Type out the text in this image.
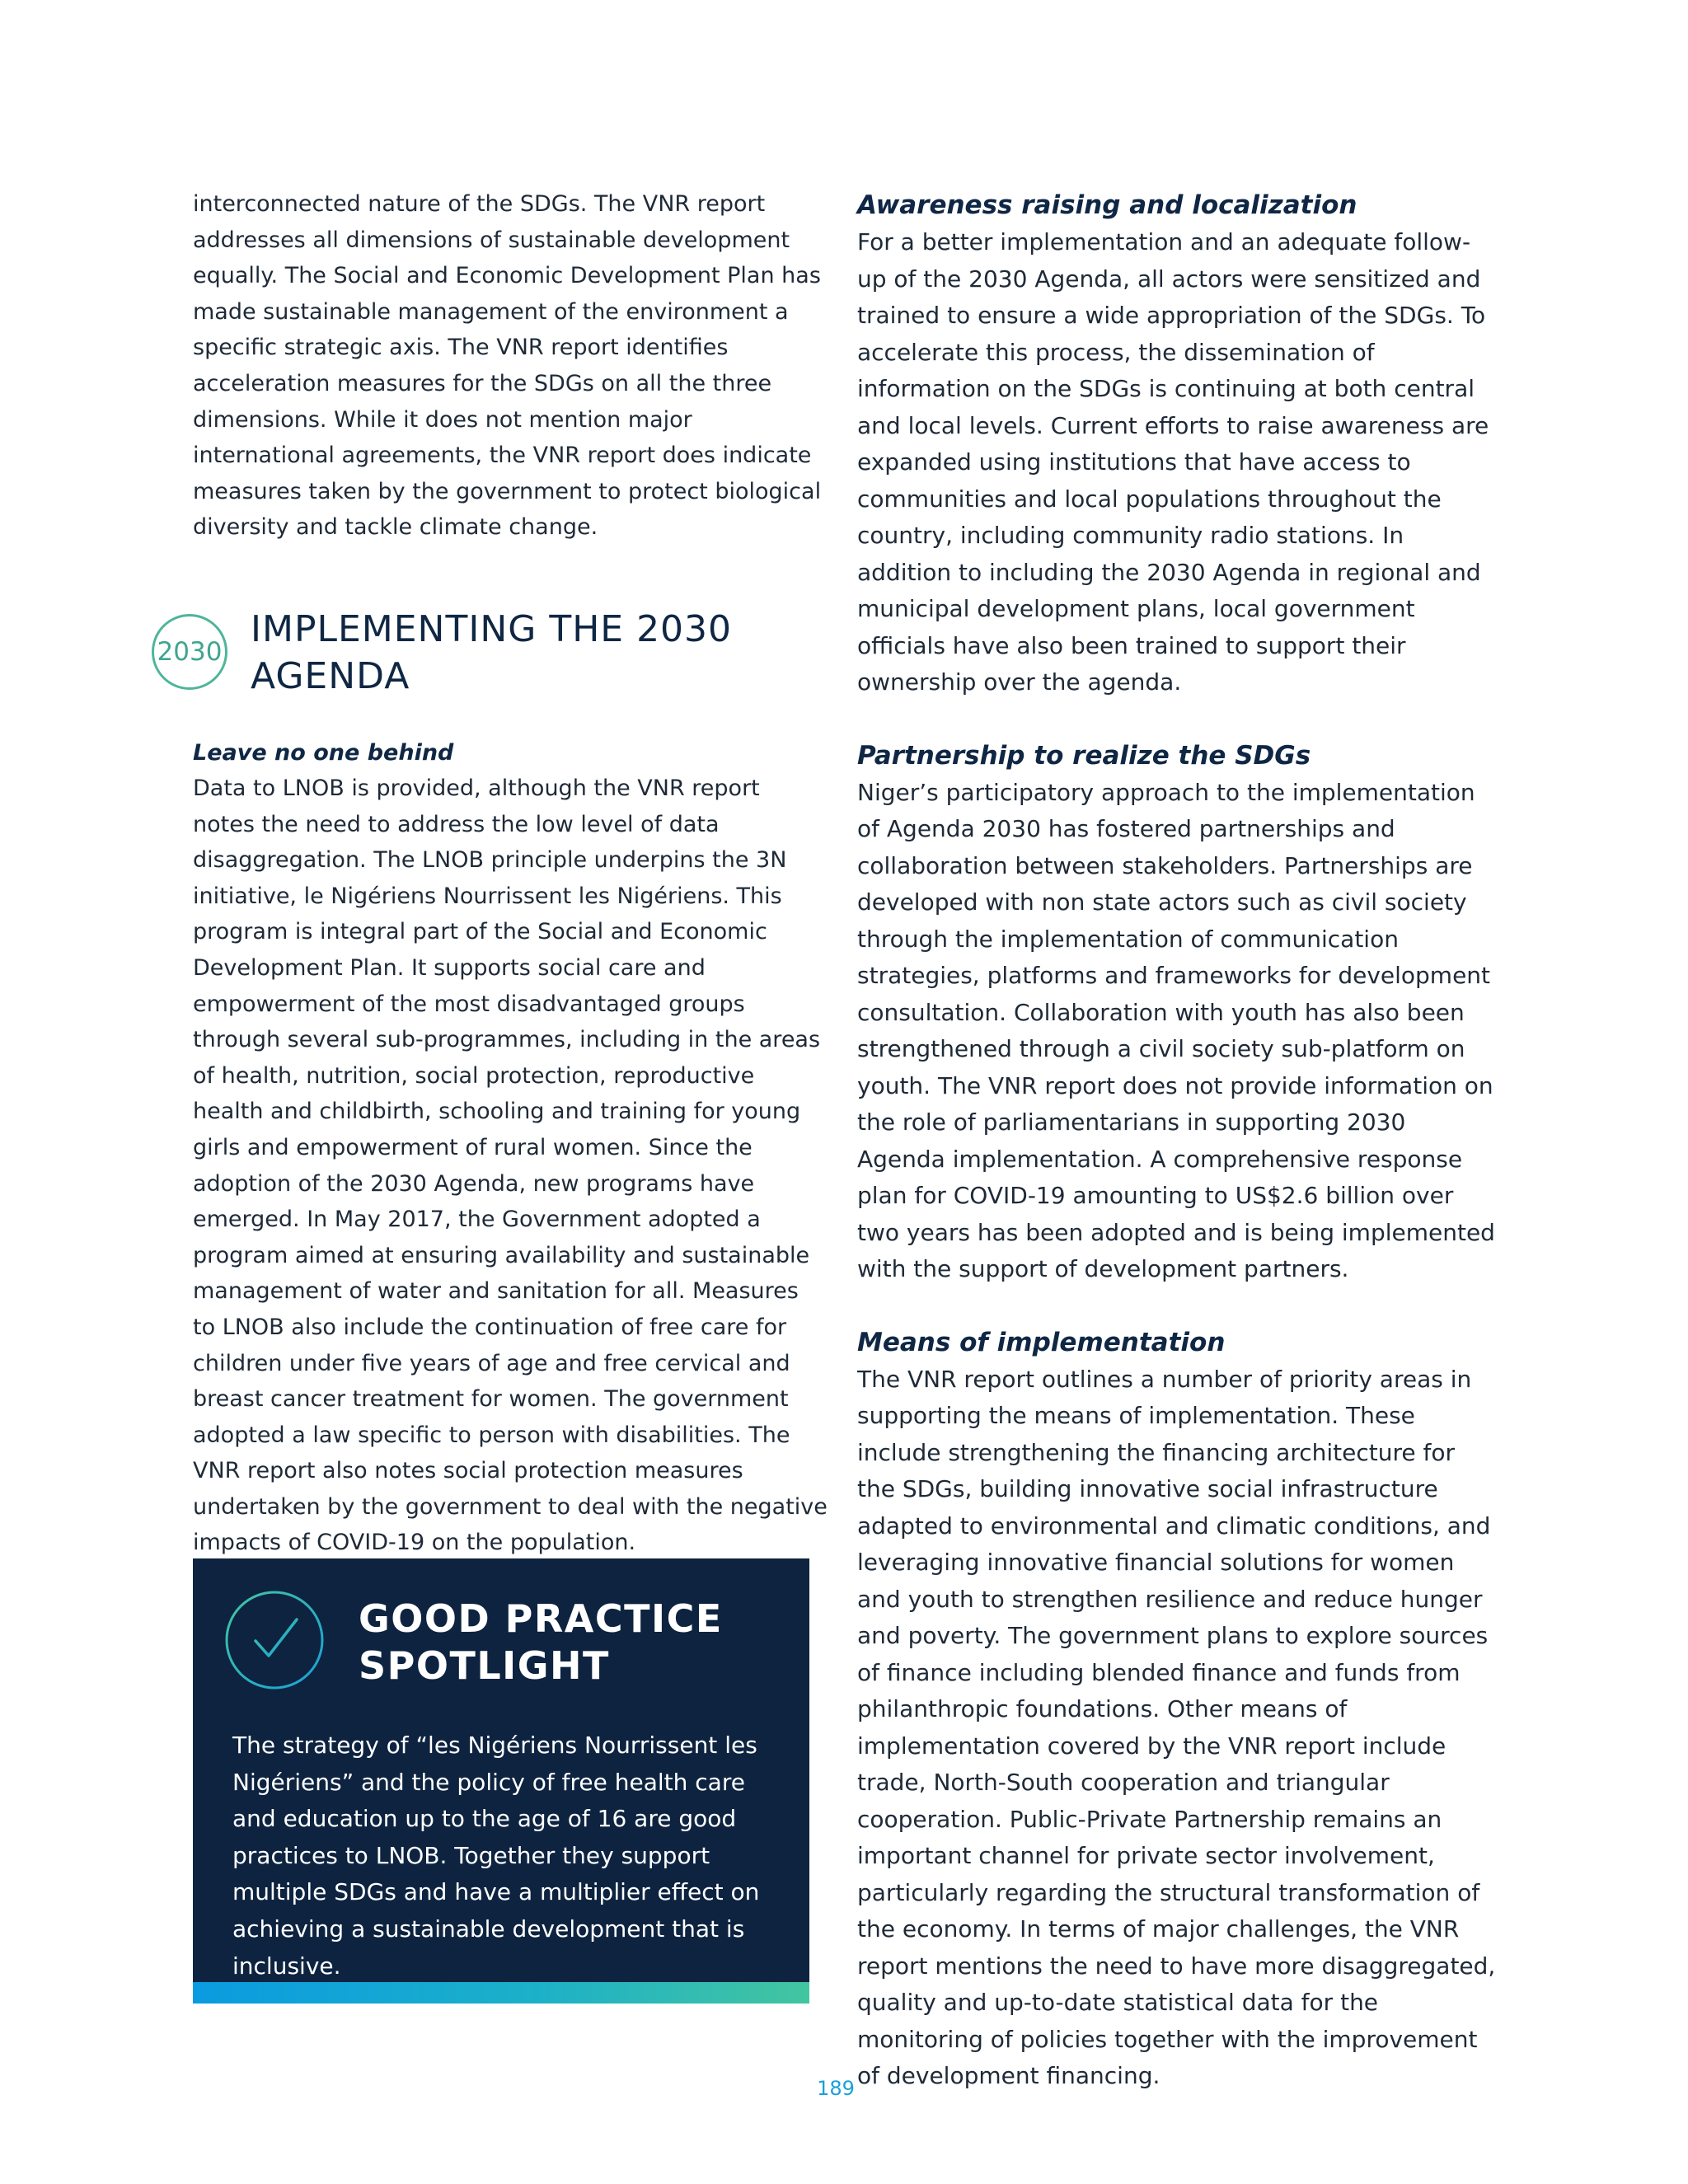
interconnected nature of the SDGs. The VNR report addresses all dimensions of sustainable development equally. The Social and Economic Development Plan has made sustainable management of the environment a specific strategic axis. The VNR report identifies acceleration measures for the SDGs on all the three dimensions. While it does not mention major international agreements, the VNR report does indicate measures taken by the government to protect biological diversity and tackle climate change.

2030
IMPLEMENTING THE 2030 AGENDA

Leave no one behind

Data to LNOB is provided, although the VNR report notes the need to address the low level of data disaggregation. The LNOB principle underpins the 3N initiative, le Nigériens Nourrissent les Nigériens. This program is integral part of the Social and Economic Development Plan. It supports social care and empowerment of the most disadvantaged groups through several sub-programmes, including in the areas of health, nutrition, social protection, reproductive health and childbirth, schooling and training for young girls and empowerment of rural women. Since the adoption of the 2030 Agenda, new programs have emerged. In May 2017, the Government adopted a program aimed at ensuring availability and sustainable management of water and sanitation for all. Measures to LNOB also include the continuation of free care for children under five years of age and free cervical and breast cancer treatment for women. The government adopted a law specific to person with disabilities. The VNR report also notes social protection measures undertaken by the government to deal with the negative impacts of COVID-19 on the population.

GOOD PRACTICE SPOTLIGHT

The strategy of “les Nigériens Nourrissent les Nigériens” and the policy of free health care and education up to the age of 16 are good practices to LNOB. Together they support multiple SDGs and have a multiplier effect on achieving a sustainable development that is inclusive.

Awareness raising and localization

For a better implementation and an adequate follow-up of the 2030 Agenda, all actors were sensitized and trained to ensure a wide appropriation of the SDGs. To accelerate this process, the dissemination of information on the SDGs is continuing at both central and local levels. Current efforts to raise awareness are expanded using institutions that have access to communities and local populations throughout the country, including community radio stations. In addition to including the 2030 Agenda in regional and municipal development plans, local government officials have also been trained to support their ownership over the agenda.

Partnership to realize the SDGs

Niger’s participatory approach to the implementation of Agenda 2030 has fostered partnerships and collaboration between stakeholders. Partnerships are developed with non state actors such as civil society through the implementation of communication strategies, platforms and frameworks for development consultation. Collaboration with youth has also been strengthened through a civil society sub-platform on youth. The VNR report does not provide information on the role of parliamentarians in supporting 2030 Agenda implementation. A comprehensive response plan for COVID-19 amounting to US$2.6 billion over two years has been adopted and is being implemented with the support of development partners.

Means of implementation

The VNR report outlines a number of priority areas in supporting the means of implementation. These include strengthening the financing architecture for the SDGs, building innovative social infrastructure adapted to environmental and climatic conditions, and leveraging innovative financial solutions for women and youth to strengthen resilience and reduce hunger and poverty. The government plans to explore sources of finance including blended finance and funds from philanthropic foundations. Other means of implementation covered by the VNR report include trade, North-South cooperation and triangular cooperation. Public-Private Partnership remains an important channel for private sector involvement, particularly regarding the structural transformation of the economy. In terms of major challenges, the VNR report mentions the need to have more disaggregated, quality and up-to-date statistical data for the monitoring of policies together with the improvement of development financing.

189
